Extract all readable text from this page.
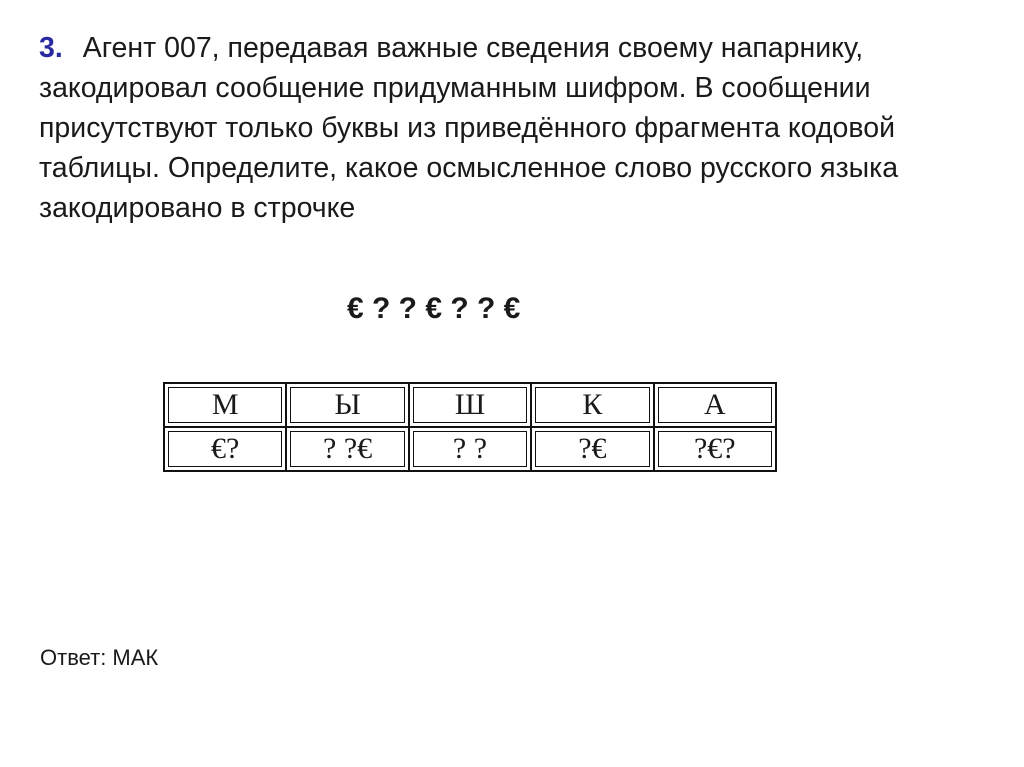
3. Агент 007, передавая важные сведения своему напарнику, закодировал сообщение придуманным шифром. В сообщении присутствуют только буквы из приведённого фрагмента кодовой таблицы. Определите, какое осмысленное слово русского языка закодировано в строчке

€ ? ? € ? ? €
М	Ы	Ш	К	А
€?	? ?€	? ?	?€	?€?

Ответ: МАК
